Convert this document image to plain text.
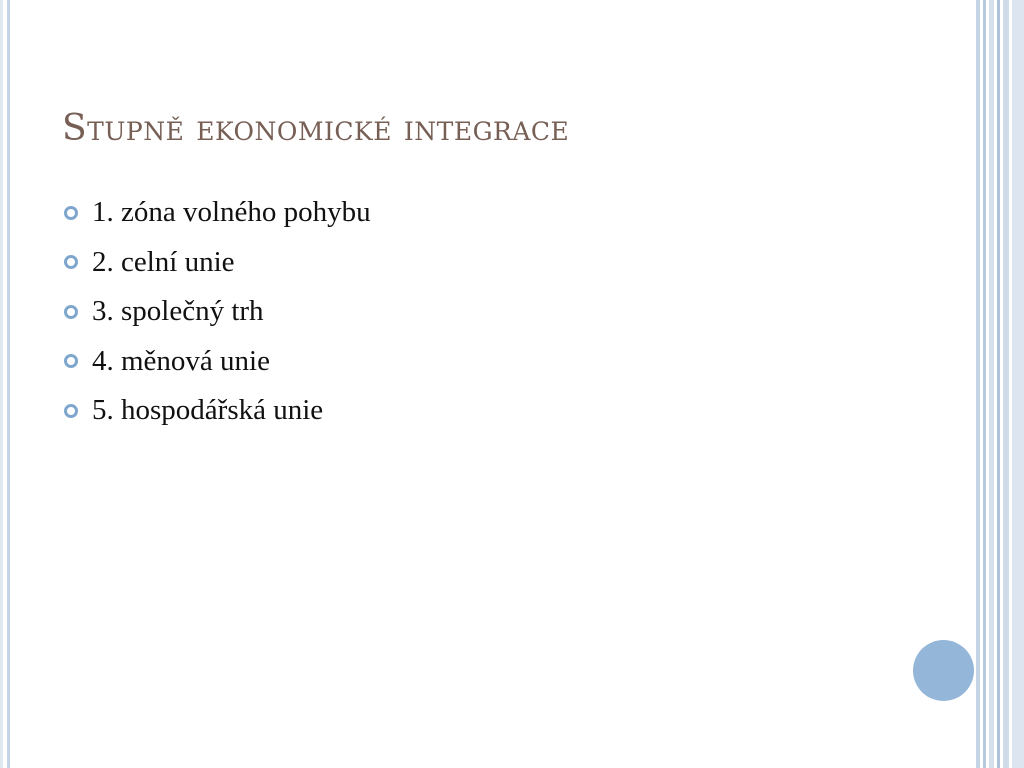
Stupně ekonomické integrace
1. zóna volného pohybu
2. celní unie
3. společný trh
4. měnová unie
5. hospodářská unie
